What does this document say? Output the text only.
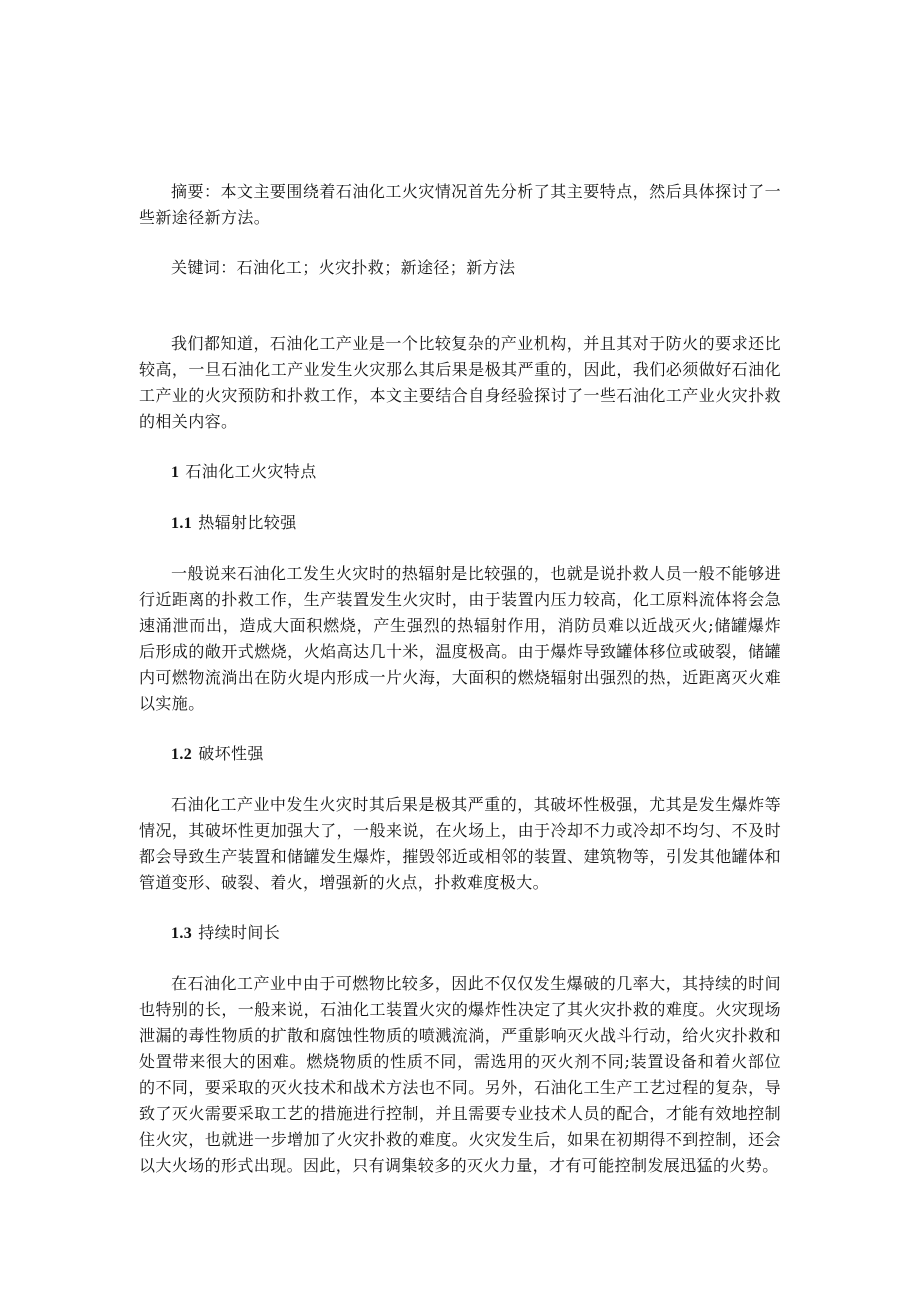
摘要：本文主要围绕着石油化工火灾情况首先分析了其主要特点，然后具体探讨了一些新途径新方法。

关键词：石油化工；火灾扑救；新途径；新方法

我们都知道，石油化工产业是一个比较复杂的产业机构，并且其对于防火的要求还比较高，一旦石油化工产业发生火灾那么其后果是极其严重的，因此，我们必须做好石油化工产业的火灾预防和扑救工作，本文主要结合自身经验探讨了一些石油化工产业火灾扑救的相关内容。

1 石油化工火灾特点

1.1 热辐射比较强

一般说来石油化工发生火灾时的热辐射是比较强的，也就是说扑救人员一般不能够进行近距离的扑救工作，生产装置发生火灾时，由于装置内压力较高，化工原料流体将会急速涌泄而出，造成大面积燃烧，产生强烈的热辐射作用，消防员难以近战灭火;储罐爆炸后形成的敞开式燃烧，火焰高达几十米，温度极高。由于爆炸导致罐体移位或破裂，储罐内可燃物流淌出在防火堤内形成一片火海，大面积的燃烧辐射出强烈的热，近距离灭火难以实施。

1.2 破坏性强

石油化工产业中发生火灾时其后果是极其严重的，其破坏性极强，尤其是发生爆炸等情况，其破坏性更加强大了，一般来说，在火场上，由于冷却不力或冷却不均匀、不及时都会导致生产装置和储罐发生爆炸，摧毁邻近或相邻的装置、建筑物等，引发其他罐体和管道变形、破裂、着火，增强新的火点，扑救难度极大。

1.3 持续时间长

在石油化工产业中由于可燃物比较多，因此不仅仅发生爆破的几率大，其持续的时间也特别的长，一般来说，石油化工装置火灾的爆炸性决定了其火灾扑救的难度。火灾现场泄漏的毒性物质的扩散和腐蚀性物质的喷溅流淌，严重影响灭火战斗行动，给火灾扑救和处置带来很大的困难。燃烧物质的性质不同，需选用的灭火剂不同;装置设备和着火部位的不同，要采取的灭火技术和战术方法也不同。另外，石油化工生产工艺过程的复杂，导致了灭火需要采取工艺的措施进行控制，并且需要专业技术人员的配合，才能有效地控制住火灾，也就进一步增加了火灾扑救的难度。火灾发生后，如果在初期得不到控制，还会以大火场的形式出现。因此，只有调集较多的灭火力量，才有可能控制发展迅猛的火势。
